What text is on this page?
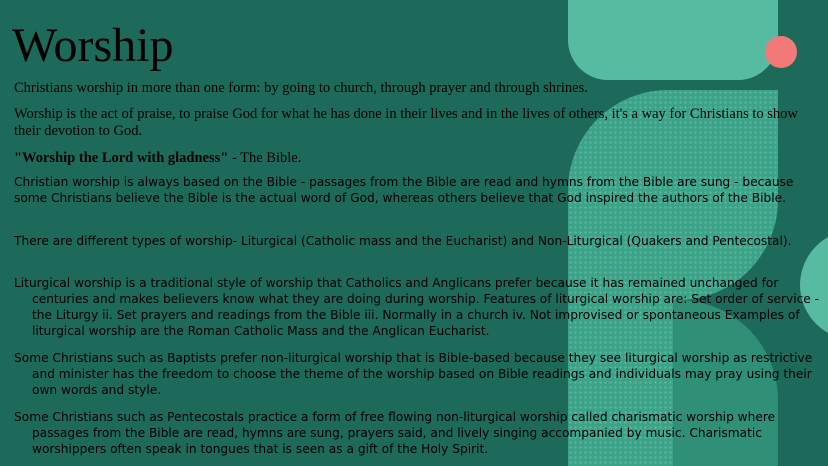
Worship

Christians worship in more than one form: by going to church, through prayer and through shrines.

Worship is the act of praise, to praise God for what he has done in their lives and in the lives of others, it's a way for Christians to show their devotion to God.

"Worship the Lord with gladness" - The Bible.

Christian worship is always based on the Bible - passages from the Bible are read and hymns from the Bible are sung - because some Christians believe the Bible is the actual word of God, whereas others believe that God inspired the authors of the Bible.

There are different types of worship- Liturgical (Catholic mass and the Eucharist) and Non-Liturgical (Quakers and Pentecostal).

Liturgical worship is a traditional style of worship that Catholics and Anglicans prefer because it has remained unchanged for centuries and makes believers know what they are doing during worship. Features of liturgical worship are: Set order of service - the Liturgy ii. Set prayers and readings from the Bible iii. Normally in a church iv. Not improvised or spontaneous Examples of liturgical worship are the Roman Catholic Mass and the Anglican Eucharist.

Some Christians such as Baptists prefer non-liturgical worship that is Bible-based because they see liturgical worship as restrictive and minister has the freedom to choose the theme of the worship based on Bible readings and individuals may pray using their own words and style.

Some Christians such as Pentecostals practice a form of free flowing non-liturgical worship called charismatic worship where passages from the Bible are read, hymns are sung, prayers said, and lively singing accompanied by music. Charismatic worshippers often speak in tongues that is seen as a gift of the Holy Spirit.
